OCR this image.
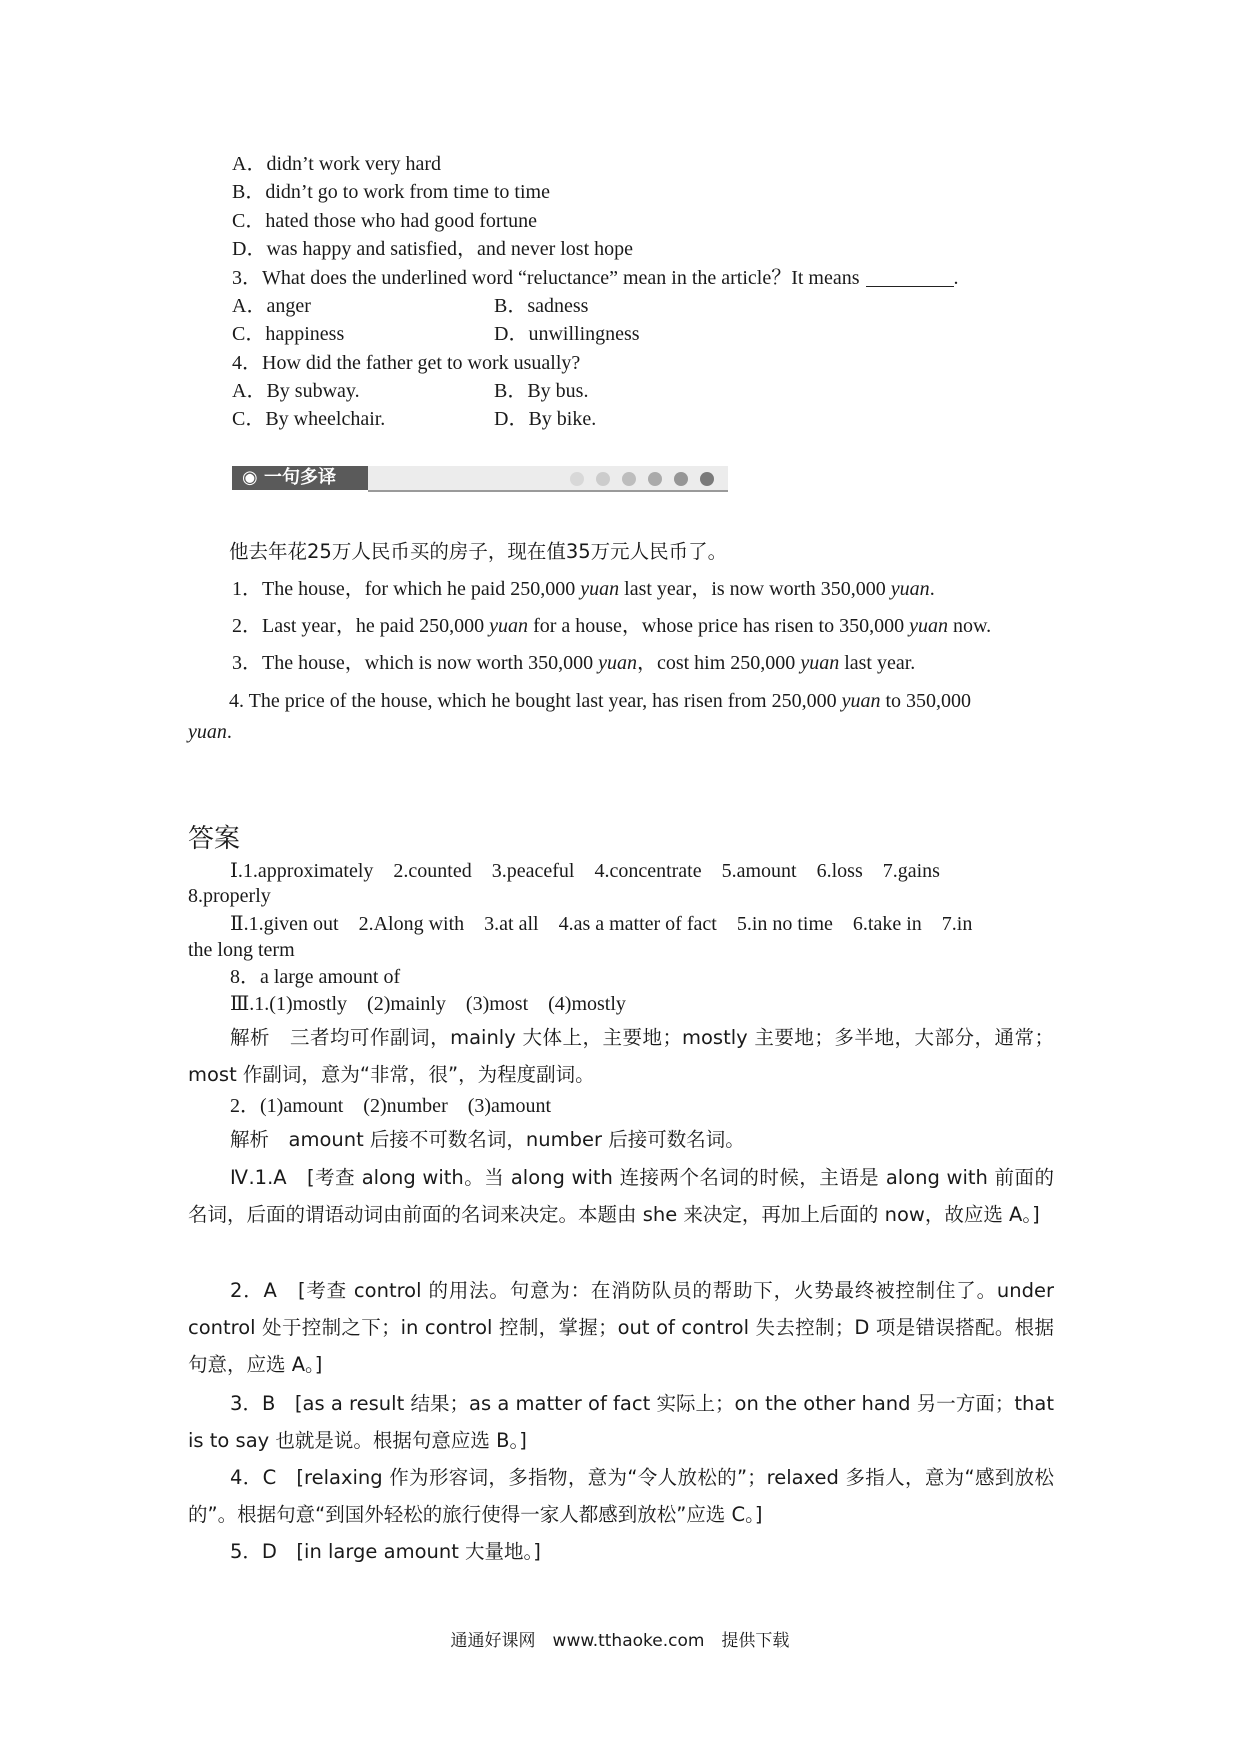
A．didn’t work very hard
B．didn’t go to work from time to time
C．hated those who had good fortune
D．was happy and satisfied，and never lost hope
3．What does the underlined word “reluctance” mean in the article？It means	.
A．anger	B．sadness
C．happiness	D．unwillingness
4．How did the father get to work usually?
A．By subway.	B．By bus.
C．By wheelchair.	D．By bike.
◉ 一句多译
他去年花25万人民币买的房子，现在值35万元人民币了。
1．The house，for which he paid 250,000 yuan last year，is now worth 350,000 yuan.
2．Last year，he paid 250,000 yuan for a house，whose price has risen to 350,000 yuan now.
3．The house，which is now worth 350,000 yuan，cost him 250,000 yuan last year.
4. The price of the house, which he bought last year, has risen from 250,000 yuan to 350,000
yuan.
答案
Ⅰ.1.approximately　2.counted　3.peaceful　4.concentrate　5.amount　6.loss　7.gains
8.properly
Ⅱ.1.given out　2.Along with　3.at all　4.as a matter of fact　5.in no time　6.take in　7.in
the long term
8．a large amount of
Ⅲ.1.(1)mostly　(2)mainly　(3)most　(4)mostly
解析　三者均可作副词，mainly 大体上，主要地；mostly 主要地；多半地，大部分，通常；most 作副词，意为“非常，很”，为程度副词。
2．(1)amount　(2)number　(3)amount
解析　amount 后接不可数名词，number 后接可数名词。
Ⅳ.1.A　[考查 along with。当 along with 连接两个名词的时候，主语是 along with 前面的名词，后面的谓语动词由前面的名词来决定。本题由 she 来决定，再加上后面的 now，故应选 A。]
2．A　[考查 control 的用法。句意为：在消防队员的帮助下，火势最终被控制住了。under control 处于控制之下；in control 控制，掌握；out of control 失去控制；D 项是错误搭配。根据句意，应选 A。]
3．B　[as a result 结果；as a matter of fact 实际上；on the other hand 另一方面；that is to say 也就是说。根据句意应选 B。]
4．C　[relaxing 作为形容词，多指物，意为“令人放松的”；relaxed 多指人，意为“感到放松的”。根据句意“到国外轻松的旅行使得一家人都感到放松”应选 C。]
5．D　[in large amount 大量地。]
通通好课网　www.tthaoke.com　提供下载
